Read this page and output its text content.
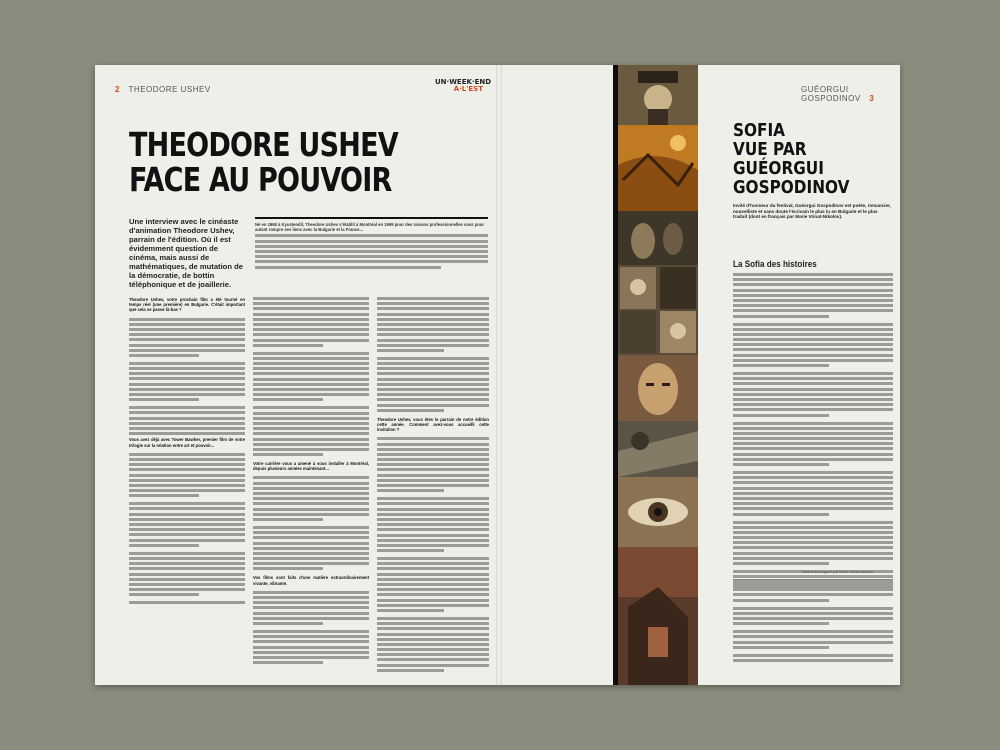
2 THEODORE USHEV
UN·WEEK·END
À·L'EST
THEODORE USHEV
FACE AU POUVOIR
Une interview avec le cinéaste d'animation Theodore Ushev, parrain de l'édition. Où il est évidemment question de cinéma, mais aussi de mathématiques, de mutation de la démocratie, de bottin téléphonique et de joaillerie.
Né en 1968 à Kyustendil, Theodore Ushev s'établit à Montréal en 1999 pour des raisons professionnelles sans pour autant rompre ses liens avec la Bulgarie et la France...

Theodore Ushev, votre prochain film a été tourné en temps réel (une première) en Bulgarie. C'était important que cela se passe là-bas ?

Vous avez déjà avec Tower Bawher, premier film de votre trilogie sur la relation entre art et pouvoir...

Votre carrière vous a amené à vous installer à Montréal, depuis plusieurs années maintenant...

Vos films sont faits d'une matière extraordinairement vivante, vibrante.

Theodore Ushev, vous êtes le parrain de notre édition cette année. Comment avez-vous accueilli cette invitation ?

GUÉORGUI GOSPODINOV 3
SOFIA
VUE PAR
GUÉORGUI
GOSPODINOV
Invité d'honneur du festival, Guéorgui Gospodinov est poète, romancier, nouvelliste et sans doute l'écrivain le plus lu en Bulgarie et le plus traduit (dont en français par Marie Vrinat-Nikolov).
La Sofia des histoires
Traduit du bulgare par Marie Vrinat-Nikolov
